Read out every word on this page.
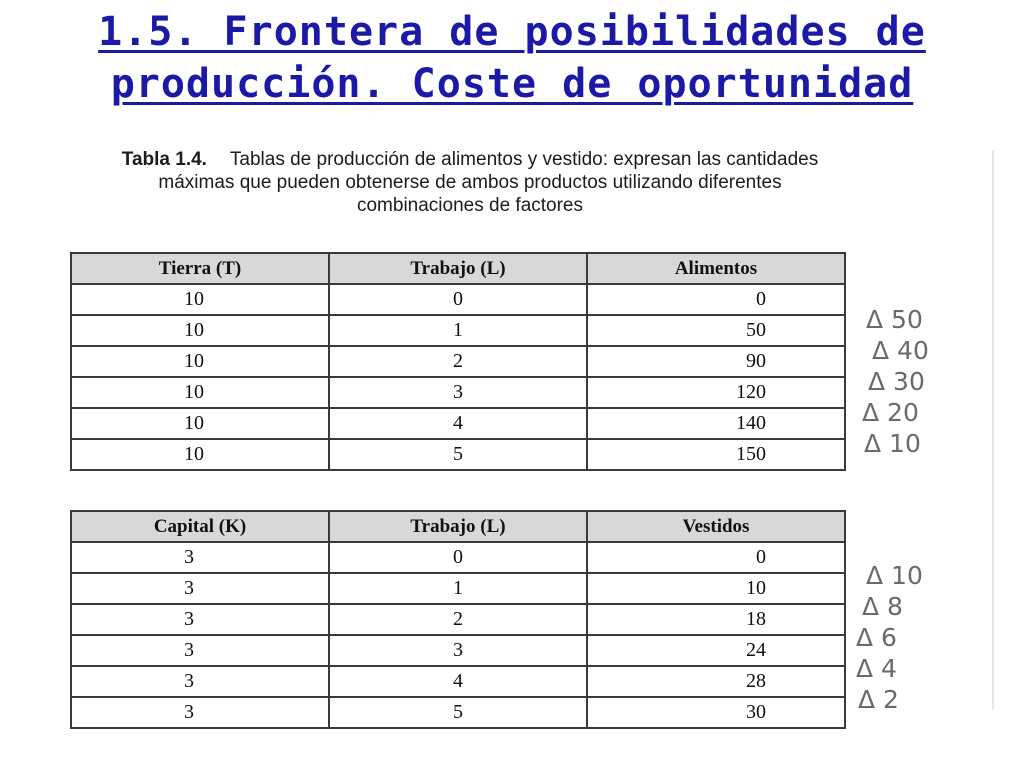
1.5. Frontera de posibilidades de
producción. Coste de oportunidad
Tabla 1.4. Tablas de producción de alimentos y vestido: expresan las cantidades máximas que pueden obtenerse de ambos productos utilizando diferentes combinaciones de factores
Tierra (T)	Trabajo (L)	Alimentos
10	0	0
10	1	50
10	2	90
10	3	120
10	4	140
10	5	150
Δ 50
Δ 40
Δ 30
Δ 20
Δ 10
Capital (K)	Trabajo (L)	Vestidos
3	0	0
3	1	10
3	2	18
3	3	24
3	4	28
3	5	30
Δ 10
Δ 8
Δ 6
Δ 4
Δ 2
